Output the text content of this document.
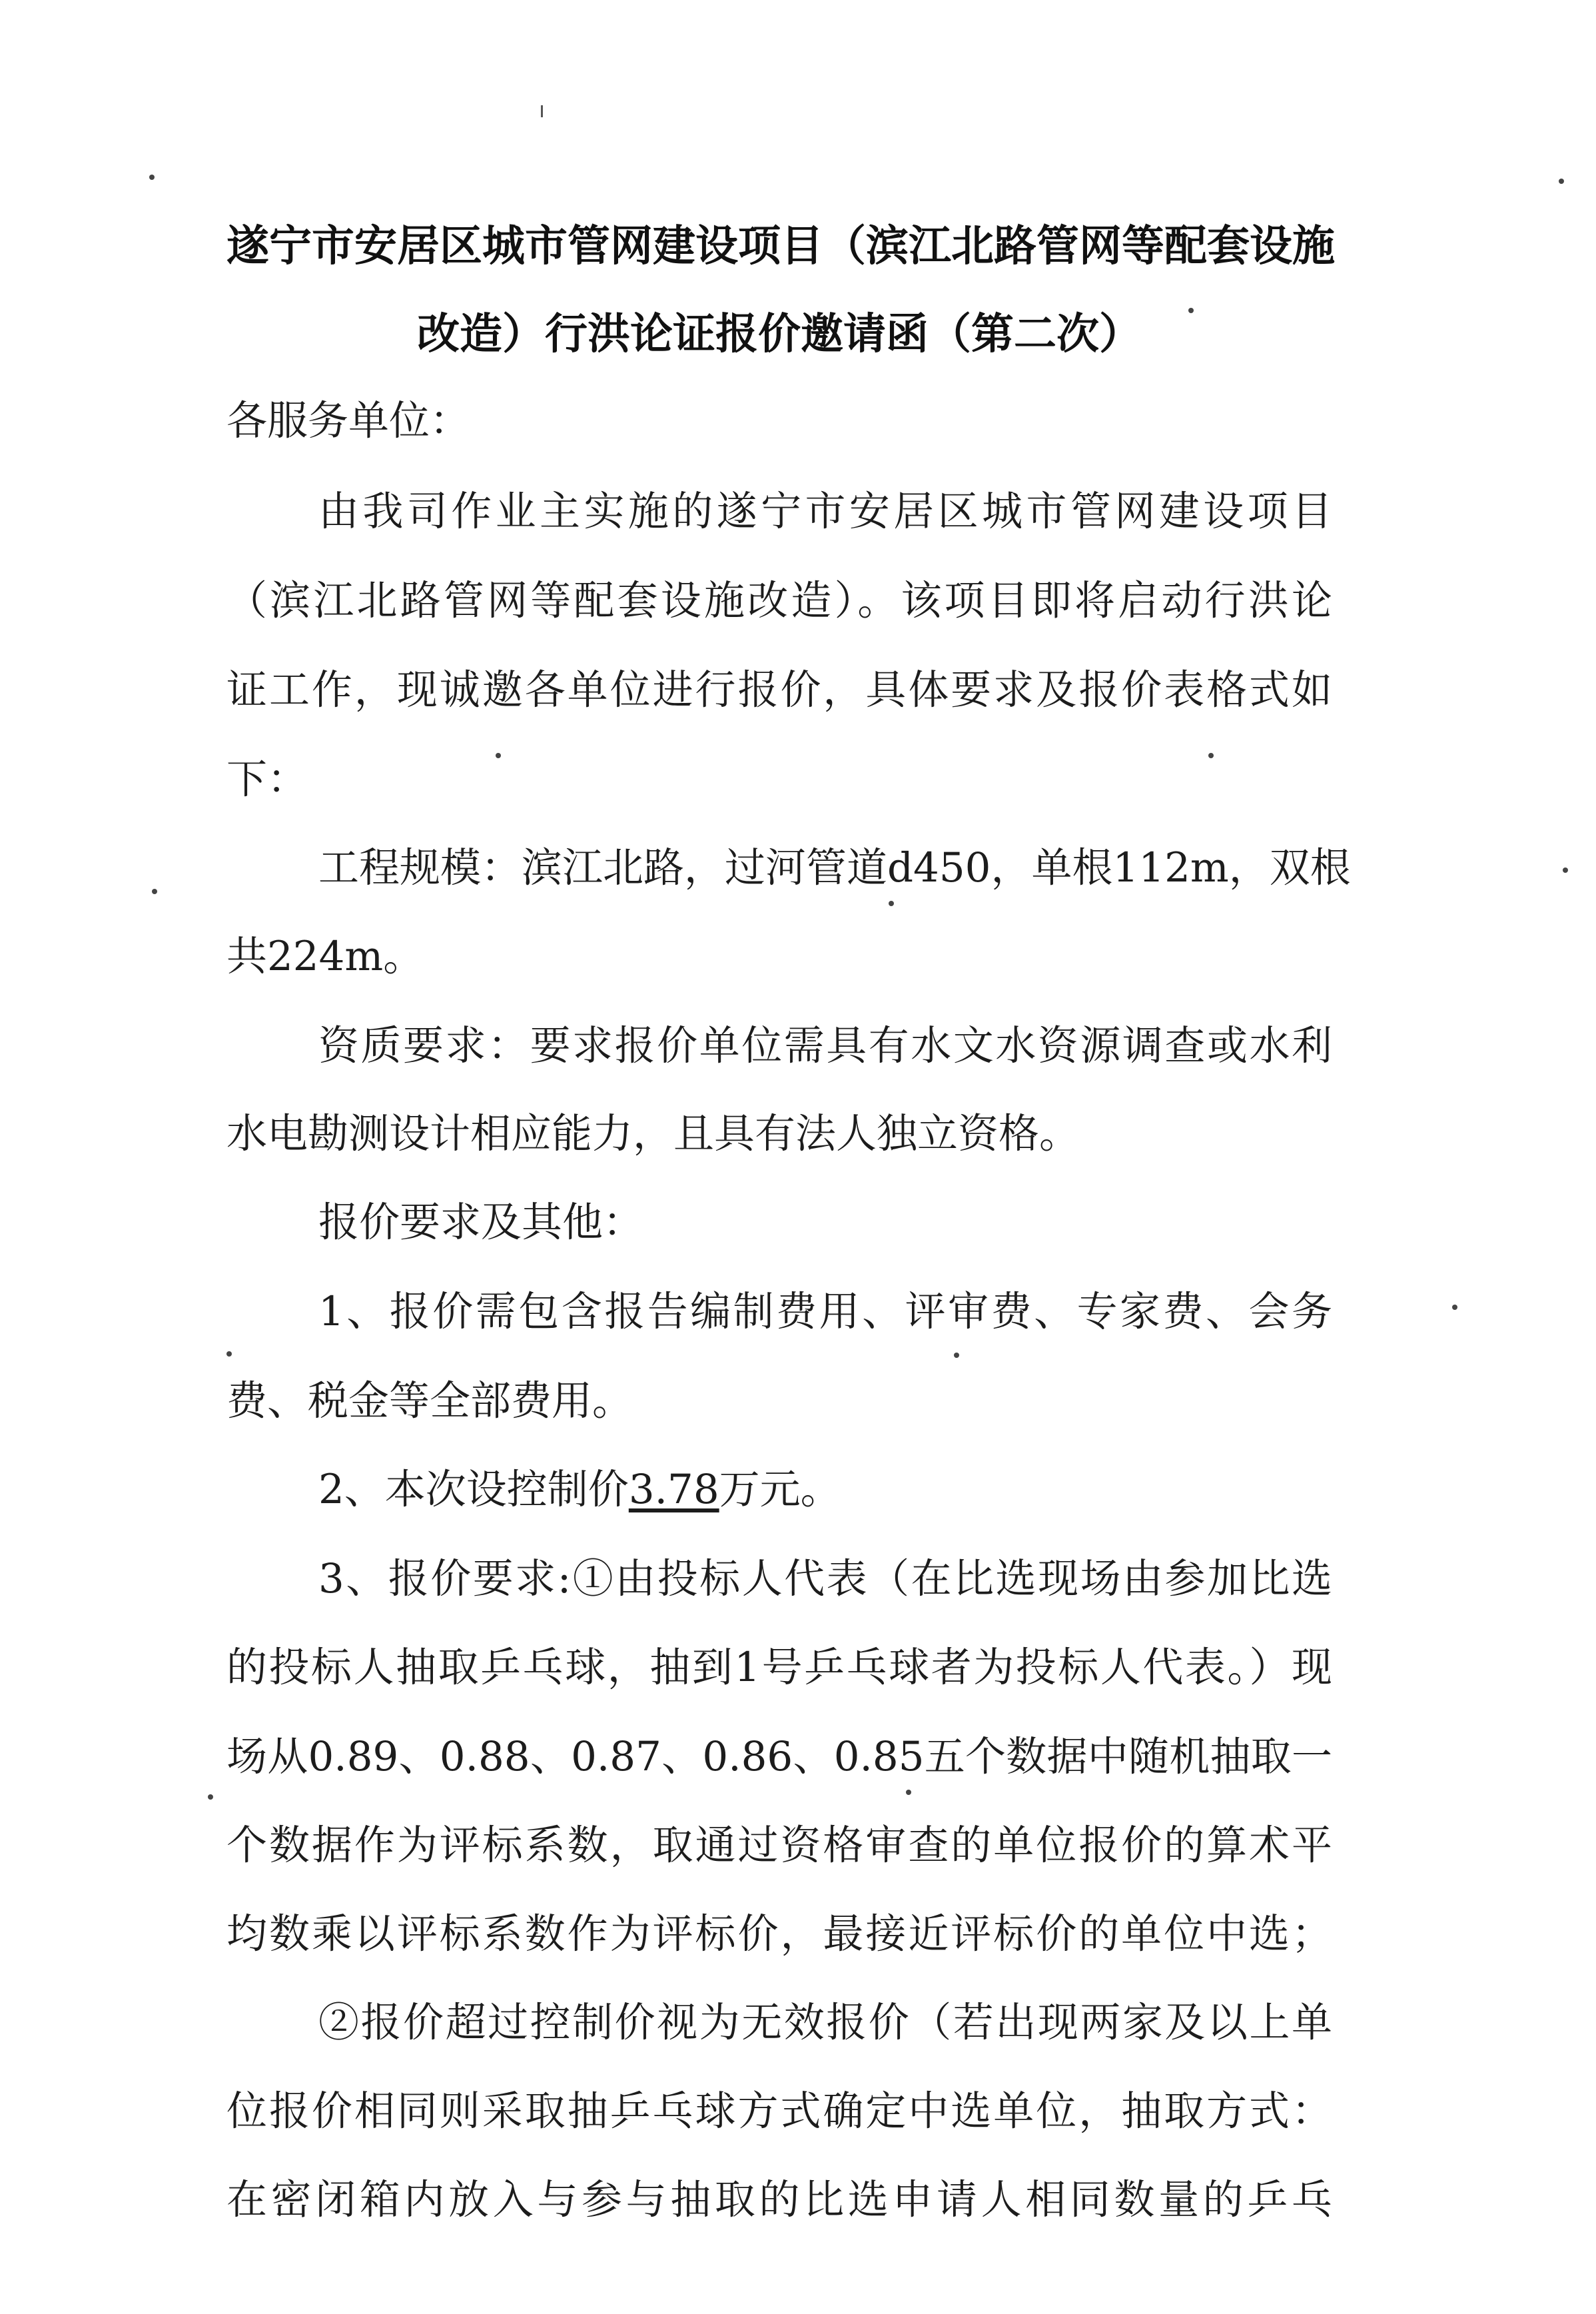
遂宁市安居区城市管网建设项目（滨江北路管网等配套设施
改造）行洪论证报价邀请函（第二次）
各服务单位：
由我司作业主实施的遂宁市安居区城市管网建设项目
（滨江北路管网等配套设施改造）。该项目即将启动行洪论
证工作，现诚邀各单位进行报价，具体要求及报价表格式如
下：
工程规模：滨江北路，过河管道d450，单根112m，双根
共224m。
资质要求：要求报价单位需具有水文水资源调查或水利
水电勘测设计相应能力，且具有法人独立资格。
报价要求及其他：
1、报价需包含报告编制费用、评审费、专家费、会务
费、税金等全部费用。
2、本次设控制价3.78万元。
3、报价要求:①由投标人代表（在比选现场由参加比选
的投标人抽取乒乓球，抽到1号乒乓球者为投标人代表。）现
场从0.89、0.88、0.87、0.86、0.85五个数据中随机抽取一
个数据作为评标系数，取通过资格审查的单位报价的算术平
均数乘以评标系数作为评标价，最接近评标价的单位中选；
②报价超过控制价视为无效报价（若出现两家及以上单
位报价相同则采取抽乒乓球方式确定中选单位，抽取方式：
在密闭箱内放入与参与抽取的比选申请人相同数量的乒乓
